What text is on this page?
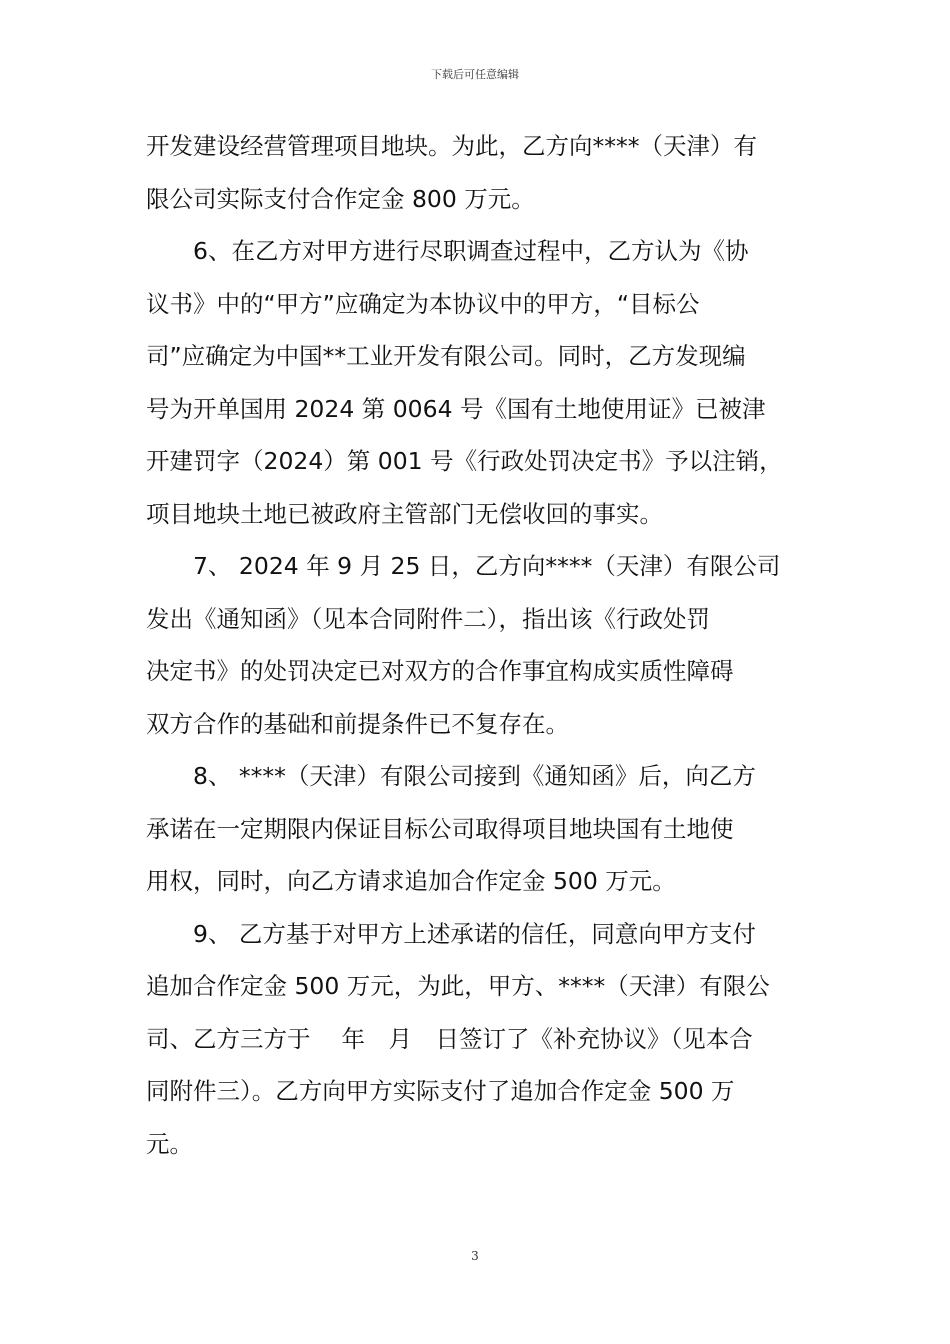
下载后可任意编辑
开发建设经营管理项目地块。为此，乙方向****（天津）有
限公司实际支付合作定金 800 万元。
6、在乙方对甲方进行尽职调查过程中，乙方认为《协
议书》中的“甲方”应确定为本协议中的甲方，“目标公
司”应确定为中国**工业开发有限公司。同时，乙方发现编
号为开单国用 2024 第 0064 号《国有土地使用证》已被津
开建罚字（2024）第 001 号《行政处罚决定书》予以注销，
项目地块土地已被政府主管部门无偿收回的事实。
7、 2024 年 9 月 25 日，乙方向****（天津）有限公司
发出《通知函》（见本合同附件二），指出该《行政处罚
决定书》的处罚决定已对双方的合作事宜构成实质性障碍
双方合作的基础和前提条件已不复存在。
8、 ****（天津）有限公司接到《通知函》后，向乙方
承诺在一定期限内保证目标公司取得项目地块国有土地使
用权，同时，向乙方请求追加合作定金 500 万元。
9、 乙方基于对甲方上述承诺的信任，同意向甲方支付
追加合作定金 500 万元，为此，甲方、****（天津）有限公
司、乙方三方于　 年　月　日签订了《补充协议》（见本合
同附件三）。乙方向甲方实际支付了追加合作定金 500 万
元。
3
